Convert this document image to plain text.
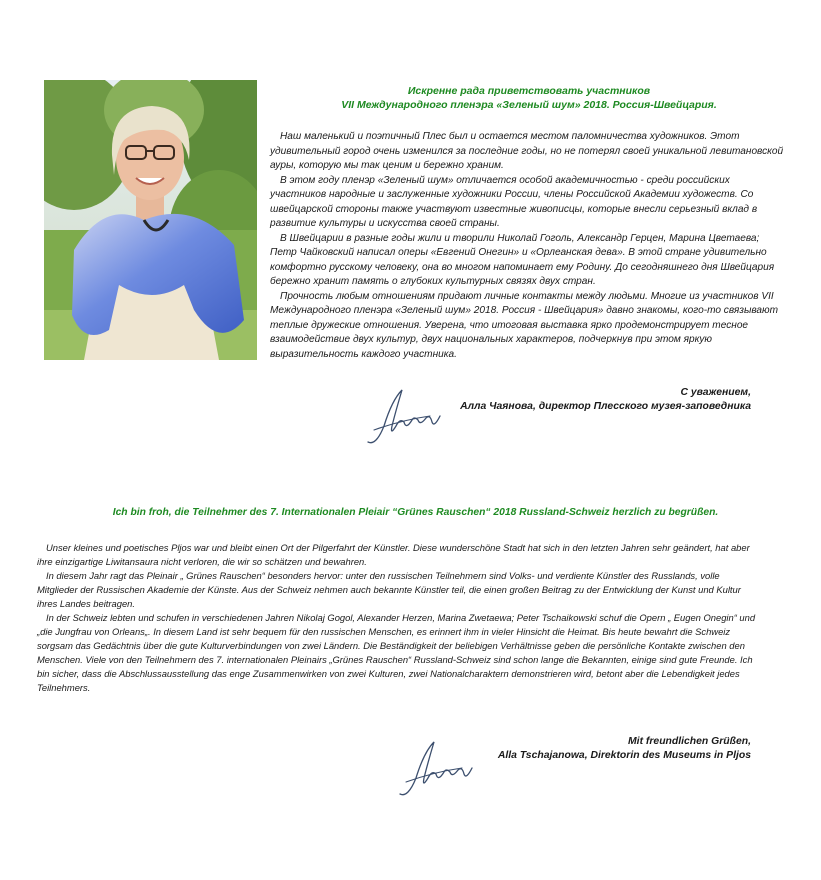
Искренне рада приветствовать участников
VII Международного пленэра «Зеленый шум» 2018. Россия-Швейцария.

Наш маленький и поэтичный Плес был и остается местом паломничества художников. Этот удивительный город очень изменился за последние годы, но не потерял своей уникальной левитановской ауры, которую мы так ценим и бережно храним.

В этом году пленэр «Зеленый шум» отличается особой академичностью - среди российских участников народные и заслуженные художники России, члены Российской Академии художеств. Со швейцарской стороны также участвуют известные живописцы, которые внесли серьезный вклад в развитие культуры и искусства своей страны.

В Швейцарии в разные годы жили и творили Николай Гоголь, Александр Герцен, Марина Цветаева; Петр Чайковский написал оперы «Евгений Онегин» и «Орлеанская дева». В этой стране удивительно комфортно русскому человеку, она во многом напоминает ему Родину. До сегодняшнего дня Швейцария бережно хранит память о глубоких культурных связях двух стран.

Прочность любым отношениям придают личные контакты между людьми. Многие из участников VII Международного пленэра «Зеленый шум» 2018. Россия - Швейцария» давно знакомы, кого-то связывают теплые дружеские отношения. Уверена, что итоговая выставка ярко продемонстрирует тесное взаимодействие двух культур, двух национальных характеров, подчеркнув при этом яркую выразительность каждого участника.

С уважением,
Алла Чаянова, директор Плесского музея-заповедника
Ich bin froh, die Teilnehmer des 7. Internationalen Pleiair “Grünes Rauschen“ 2018 Russland-Schweiz herzlich zu begrüßen.

Unser kleines und poetisches Pljos war und bleibt einen Ort der Pilgerfahrt der Künstler. Diese wunderschöne Stadt hat sich in den letzten Jahren sehr geändert, hat aber ihre einzigartige Liwitansaura nicht verloren, die wir so schätzen und bewahren.

In diesem Jahr ragt das Pleinair „ Grünes Rauschen“ besonders hervor: unter den russischen Teilnehmern sind Volks- und verdiente Künstler des Russlands, volle Mitglieder der Russischen Akademie der Künste. Aus der Schweiz nehmen auch bekannte Künstler teil, die einen großen Beitrag zu der Entwicklung der Kunst und Kultur ihres Landes beitragen.

In der Schweiz lebten und schufen in verschiedenen Jahren Nikolaj Gogol, Alexander Herzen, Marina Zwetaewa; Peter Tschaikowski schuf die Opern „ Eugen Onegin“ und „die Jungfrau von Orleans„. In diesem Land ist sehr bequem für den russischen Menschen, es erinnert ihm in vieler Hinsicht die Heimat. Bis heute bewahrt die Schweiz sorgsam das Gedächtnis über die gute Kulturverbindungen von zwei Ländern. Die Beständigkeit der beliebigen Verhältnisse geben die persönliche Kontakte zwischen den Menschen. Viele von den Teilnehmern des 7. internationalen Pleinairs „Grünes Rauschen“ Russland-Schweiz sind schon lange die Bekannten, einige sind gute Freunde. Ich bin sicher, dass die Abschlussausstellung das enge Zusammenwirken von zwei Kulturen, zwei Nationalcharaktern demonstrieren wird, betont aber die Lebendigkeit jedes Teilnehmers.

Mit freundlichen Grüßen,
Alla Tschajanowa, Direktorin des Museums in Pljos
